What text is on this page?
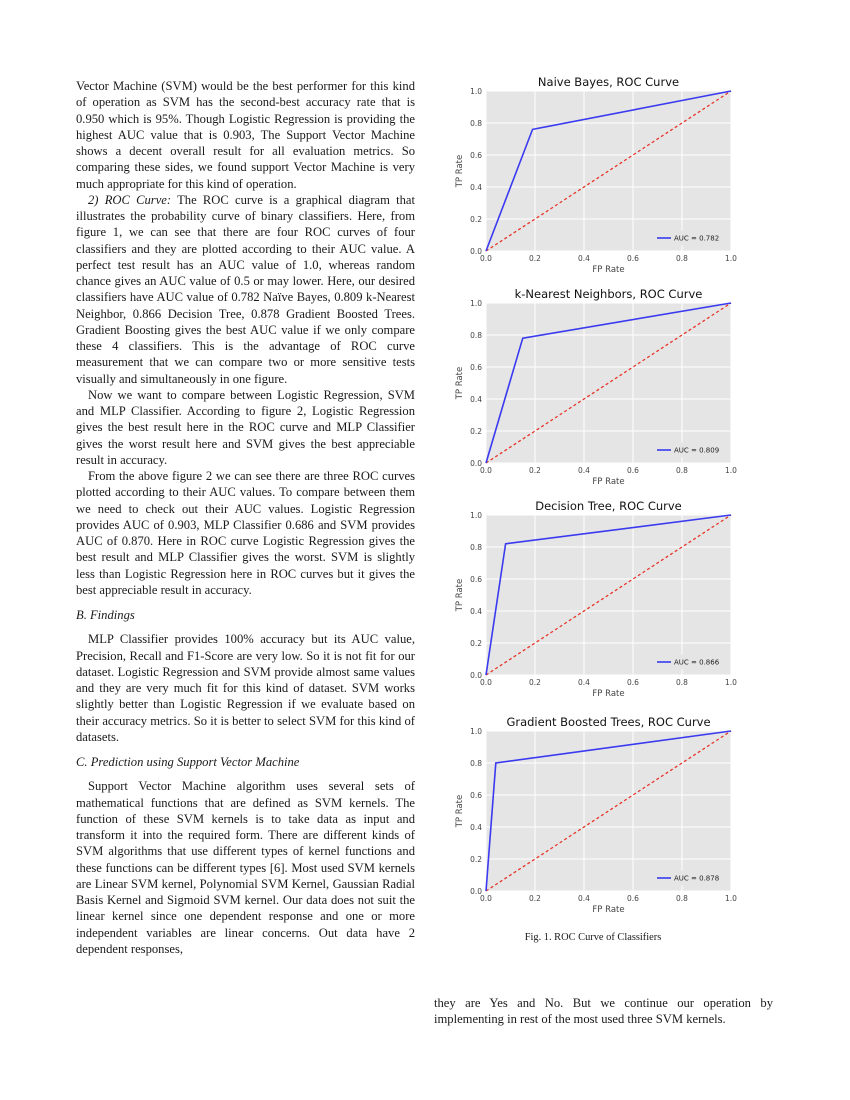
Vector Machine (SVM) would be the best performer for this kind of operation as SVM has the second-best accuracy rate that is 0.950 which is 95%. Though Logistic Regression is providing the highest AUC value that is 0.903, The Support Vector Machine shows a decent overall result for all evaluation metrics. So comparing these sides, we found support Vector Machine is very much appropriate for this kind of operation.

2) ROC Curve: The ROC curve is a graphical diagram that illustrates the probability curve of binary classifiers. Here, from figure 1, we can see that there are four ROC curves of four classifiers and they are plotted according to their AUC value. A perfect test result has an AUC value of 1.0, whereas random chance gives an AUC value of 0.5 or may lower. Here, our desired classifiers have AUC value of 0.782 Naïve Bayes, 0.809 k-Nearest Neighbor, 0.866 Decision Tree, 0.878 Gradient Boosted Trees. Gradient Boosting gives the best AUC value if we only compare these 4 classifiers. This is the advantage of ROC curve measurement that we can compare two or more sensitive tests visually and simultaneously in one figure.

Now we want to compare between Logistic Regression, SVM and MLP Classifier. According to figure 2, Logistic Regression gives the best result here in the ROC curve and MLP Classifier gives the worst result here and SVM gives the best appreciable result in accuracy.

From the above figure 2 we can see there are three ROC curves plotted according to their AUC values. To compare between them we need to check out their AUC values. Logistic Regression provides AUC of 0.903, MLP Classifier 0.686 and SVM provides AUC of 0.870. Here in ROC curve Logistic Regression gives the best result and MLP Classifier gives the worst. SVM is slightly less than Logistic Regression here in ROC curves but it gives the best appreciable result in accuracy.

B. Findings

MLP Classifier provides 100% accuracy but its AUC value, Precision, Recall and F1-Score are very low. So it is not fit for our dataset. Logistic Regression and SVM provide almost same values and they are very much fit for this kind of dataset. SVM works slightly better than Logistic Regression if we evaluate based on their accuracy metrics. So it is better to select SVM for this kind of datasets.

C. Prediction using Support Vector Machine

Support Vector Machine algorithm uses several sets of mathematical functions that are defined as SVM kernels. The function of these SVM kernels is to take data as input and transform it into the required form. There are different kinds of SVM algorithms that use different types of kernel functions and these functions can be different types [6]. Most used SVM kernels are Linear SVM kernel, Polynomial SVM Kernel, Gaussian Radial Basis Kernel and Sigmoid SVM kernel. Our data does not suit the linear kernel since one dependent response and one or more independent variables are linear concerns. Out data have 2 dependent responses,

Naive Bayes, ROC Curve
0.0
0.0
0.2
0.2
0.4
0.4
0.6
0.6
0.8
0.8
1.0
1.0
FP Rate
TP Rate
AUC = 0.782
k-Nearest Neighbors, ROC Curve
0.0
0.0
0.2
0.2
0.4
0.4
0.6
0.6
0.8
0.8
1.0
1.0
FP Rate
TP Rate
AUC = 0.809
Decision Tree, ROC Curve
0.0
0.0
0.2
0.2
0.4
0.4
0.6
0.6
0.8
0.8
1.0
1.0
FP Rate
TP Rate
AUC = 0.866
Gradient Boosted Trees, ROC Curve
0.0
0.0
0.2
0.2
0.4
0.4
0.6
0.6
0.8
0.8
1.0
1.0
FP Rate
TP Rate
AUC = 0.878
Fig. 1. ROC Curve of Classifiers

they are Yes and No. But we continue our operation by implementing in rest of the most used three SVM kernels.
